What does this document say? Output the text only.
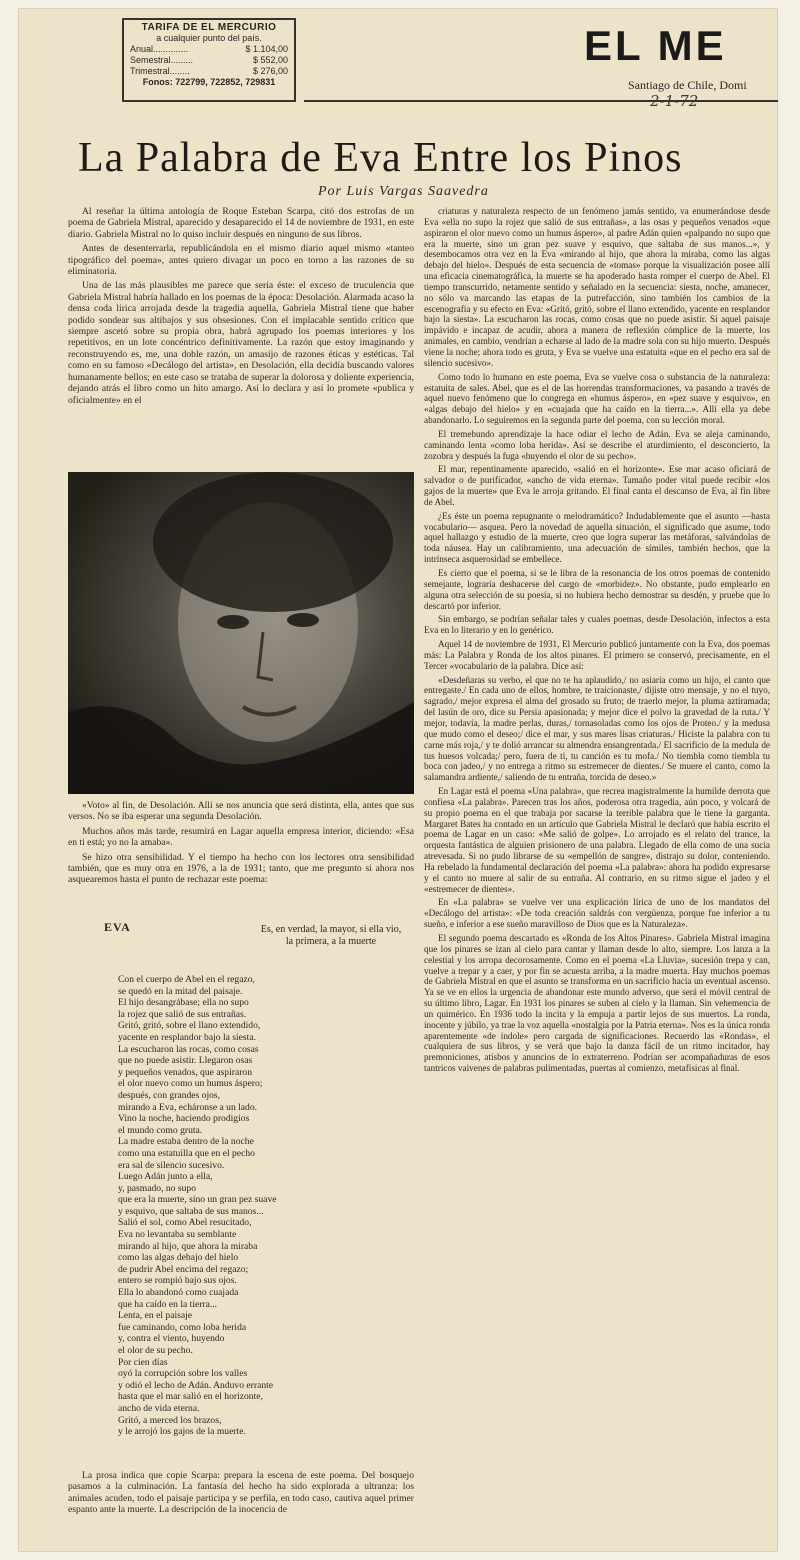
TARIFA DE EL MERCURIO
a cualquier punto del país.
Anual..............	$ 1.104,00
Semestral.........	$ 552,00
Trimestral........	$ 276,00
Fonos: 722799, 722852, 729831
EL ME
Santiago de Chile, Domi
2-1-72
La Palabra de Eva Entre los Pinos
Por Luis Vargas Saavedra

Al reseñar la última antología de Roque Esteban Scarpa, citó dos estrofas de un poema de Gabriela Mistral, aparecido y desaparecido el 14 de noviembre de 1931, en este diario. Gabriela Mistral no lo quiso incluir después en ninguno de sus libros.

Antes de desenterrarla, republicándola en el mismo diario aquel mismo «tanteo tipográfico del poema», antes quiero divagar un poco en torno a las razones de su eliminatoria.

Una de las más plausibles me parece que sería éste: el exceso de truculencia que Gabriela Mistral habría hallado en los poemas de la época: Desolación. Alarmada acaso la densa coda lírica arrojada desde la tragedia aquella, Gabriela Mistral tiene que haber podido sondear sus altibajos y sus obsesiones. Con el implacable sentido crítico que siempre ascetó sobre su propia obra, habrá agrupado los poemas interiores y los repetitivos, en un lote concéntrico definitivamente. La razón que estoy imaginando y reconstruyendo es, me, una doble razón, un amasijo de razones éticas y estéticas. Tal como en su famoso «Decálogo del artista», en Desolación, ella decidía buscando valores humanamente bellos; en este caso se trataba de superar la dolorosa y doliente experiencia, dejando atrás el libro como un hito amargo. Así lo declara y así lo promete «publica y oficialmente» en el

«Voto» al fin, de Desolación. Allí se nos anuncia que será distinta, ella, antes que sus versos. No se iba esperar una segunda Desolación.

Muchos años más tarde, resumirá en Lagar aquella empresa interior, diciendo: «Esa en ti está; yo no la amaba».

Se hizo otra sensibilidad. Y el tiempo ha hecho con los lectores otra sensibilidad también, que es muy otra en 1976, a la de 1931; tanto, que me pregunto si ahora nos asquearemos hasta el punto de rechazar este poema:

EVA	Es, en verdad, la mayor, si ella vio, la primera, a la muerte
Con el cuerpo de Abel en el regazo,
se quedó en la mitad del paisaje.
El hijo desangrábase; ella no supo
la rojez que salió de sus entrañas.
Gritó, gritó, sobre el llano extendido,
yacente en resplandor bajo la siesta.
La escucharon las rocas, como cosas
que no puede asistir. Llegaron osas
y pequeños venados, que aspiraron
el olor nuevo como un humus áspero;
después, con grandes ojos,
mirando a Eva, echáronse a un lado.
Vino la noche, haciendo prodigios
el mundo como gruta.
La madre estaba dentro de la noche
como una estatuilla que en el pecho
era sal de silencio sucesivo.
Luego Adán junto a ella,
y, pasmado, no supo
que era la muerte, sino un gran pez suave
y esquivo, que saltaba de sus manos...
Salió el sol, como Abel resucitado,
Eva no levantaba su semblante
mirando al hijo, que ahora la miraba
como las algas debajo del hielo
de pudrir Abel encima del regazo;
entero se rompió bajo sus ojos.
Ella lo abandonó como cuajada
que ha caído en la tierra...
Lenta, en el paisaje
fue caminando, como loba herida
y, contra el viento, huyendo
el olor de su pecho.
Por cien días
oyó la corrupción sobre los valles
y odió el lecho de Adán. Anduvo errante
hasta que el mar salió en el horizonte,
ancho de vida eterna.
Gritó, a merced los brazos,
y le arrojó los gajos de la muerte.

La prosa indica que copie Scarpa: prepara la escena de este poema. Del bosquejo pasamos a la culminación. La fantasía del hecho ha sido explorada a ultranza: los animales acuden, todo el paisaje participa y se perfila, en todo caso, cautiva aquel primer espanto ante la muerte. La descripción de la inocencia de

criaturas y naturaleza respecto de un fenómeno jamás sentido, va enumerándose desde Eva «ella no supo la rojez que salió de sus entrañas», a las osas y pequeños venados «que aspiraron el olor nuevo como un humus áspero», al padre Adán quien «palpando no supo que era la muerte, sino un gran pez suave y esquivo, que saltaba de sus manos...», y desembocamos otra vez en la Eva «mirando al hijo, que ahora la miraba, como las algas debajo del hielo». Después de esta secuencia de «tomas» porque la visualización posee allí una eficacia cinematográfica, la muerte se ha apoderado hasta romper el cuerpo de Abel. El tiempo transcurrido, netamente sentido y señalado en la secuencia: siesta, noche, amanecer, no sólo va marcando las etapas de la putrefacción, sino también los cambios de la escenografía y su efecto en Eva: «Gritó, gritó, sobre el llano extendido, yacente en resplandor bajo la siesta». La escucharon las rocas, como cosas que no puede asistir. Si aquel paisaje impávido e incapaz de acudir, ahora a manera de reflexión cómplice de la muerte, los animales, en cambio, vendrían a echarse al lado de la madre sola con su hijo muerto. Después viene la noche; ahora todo es gruta, y Eva se vuelve una estatuita «que en el pecho era sal de silencio sucesivo».

Como todo lo humano en este poema, Eva se vuelve cosa o substancia de la naturaleza: estatuita de sales. Abel, que es el de las horrendas transformaciones, va pasando a través de aquel nuevo fenómeno que lo congrega en «humus áspero», en «pez suave y esquivo», en «algas debajo del hielo» y en «cuajada que ha caído en la tierra...». Allí ella ya debe abandonarlo. Lo seguiremos en la segunda parte del poema, con su lección moral.

El tremebundo aprendizaje la hace odiar el lecho de Adán. Eva se aleja caminando, caminando lenta «como loba herida». Así se describe el aturdimiento, el desconcierto, la zozobra y después la fuga «huyendo el olor de su pecho».

El mar, repentinamente aparecido, «salió en el horizonte». Ese mar acaso oficiará de salvador o de purificador, «ancho de vida eterna». Tamaño poder vital puede recibir «los gajos de la muerte» que Eva le arroja gritando. El final canta el descanso de Eva, al fin libre de Abel.

¿Es éste un poema repugnante o melodramático? Indudablemente que el asunto —hasta vocabulario— asquea. Pero la novedad de aquella situación, el significado que asume, todo aquel hallazgo y estudio de la muerte, creo que logra superar las metáforas, salvándolas de toda náusea. Hay un calibramiento, una adecuación de símiles, también hechos, que la intrínseca asquerosidad se embellece.

Es cierto que el poema, si se le libra de la resonancia de los otros poemas de contenido semejante, lograría deshacerse del cargo de «morbidez». No obstante, pudo emplearlo en alguna otra selección de su poesía, si no hubiera hecho demostrar su desdén, y pruebe que lo descartó por inferior.

Sin embargo, se podrían señalar tales y cuales poemas, desde Desolación, infectos a esta Eva en lo literario y en lo genérico.

Aquel 14 de noviembre de 1931, El Mercurio publicó juntamente con la Eva, dos poemas más: La Palabra y Ronda de los altos pinares. El primero se conservó, precisamente, en el Tercer «vocabulario de la palabra. Dice así:

«Desdeñaras su verbo, el que no te ha aplaudido,/ no asiaría como un hijo, el canto que entregaste./ En cada uno de ellos, hombre, te traicionaste,/ dijiste otro mensaje, y no el tuyo, sagrado,/ mejor expresa el alma del grosado su fruto; de traerlo mejor, la pluma aztiramada; del lasún de oro, dice su Persia apasionada; y mejor dice el polvo la gravedad de la ruta./ Y mejor, todavía, la madre perlas, duras,/ tornasoladas como los ojos de Proteo./ y la medusa que mudo como el deseo;/ dice el mar, y sus mares lisas criaturas./ Hiciste la palabra con tu carne más roja,/ y te dolió arrancar su almendra ensangrentada./ El sacrificio de la medula de tus huesos volcada;/ pero, fuera de ti, tu canción es tu mofa./ No tiembla como tiembla tu boca con jadeo,/ y no entrega a ritmo su estremecer de dientes./ Se muere el canto, como la salamandra ardiente,/ saliendo de tu entraña, torcida de deseo.»

En Lagar está el poema «Una palabra», que recrea magistralmente la humilde derrota que confiesa «La palabra». Parecen tras los años, poderosa otra tragedia, aún poco, y volcará de su propio poema en el que trabaja por sacarse la terrible palabra que le tiene la garganta. Margaret Bates ha contado en un artículo que Gabriela Mistral le declaró que había escrito el poema de Lagar en un caso: «Me salió de golpe». Lo arrojado es el relato del trance, la orquesta fantástica de alguien prisionero de una palabra. Llegado de ella como de una sucia atrevesada. Si no pudo librarse de su «empellón de sangre», distrajo su dolor, conteniendo. Ha rebelado la fundamental declaración del poema «La palabra»: ahora ha podido expresarse y el canto no muere al salir de su entraña. Al contrario, en su ritmo sigue el jadeo y el «estremecer de dientes».

En «La palabra» se vuelve ver una explicación lírica de uno de los mandatos del «Decálogo del artista»: «De toda creación saldrás con vergüenza, porque fue inferior a tu sueño, e inferior a ese sueño maravilloso de Dios que es la Naturaleza».

El segundo poema descartado es «Ronda de los Altos Pinares». Gabriela Mistral imagina que los pinares se izan al cielo para cantar y llaman desde lo alto, siempre. Los lanza a la celestial y los arropa decorosamente. Como en el poema «La Lluvia», sucesión trepa y can, vuelve a trepar y a caer, y por fin se acuesta arriba, a la madre muerta. Hay muchos poemas de Gabriela Mistral en que el asunto se transforma en un sacrificio hacia un eventual ascenso. Ya se ve en ellos la urgencia de abandonar este mundo adverso, que será el móvil central de su último libro, Lagar. En 1931 los pinares se suben al cielo y la llaman. Sin vehemencia de un quimérico. En 1936 todo la incita y la empuja a partir lejos de sus muertos. La ronda, inocente y júbilo, ya trae la voz aquella «nostalgia por la Patria eterna». Nos es la única ronda aparentemente «de índole» pero cargada de significaciones. Recuerdo las «Rondas», el cualquiera de sus libros, y se verá que bajo la danza fácil de un ritmo incitador, hay premoniciones, atisbos y anuncios de lo extraterreno. Podrían ser acompañaduras de esos tantricos vaivenes de palabras pulimentadas, puertas al comienzo, metafísicas al final.
